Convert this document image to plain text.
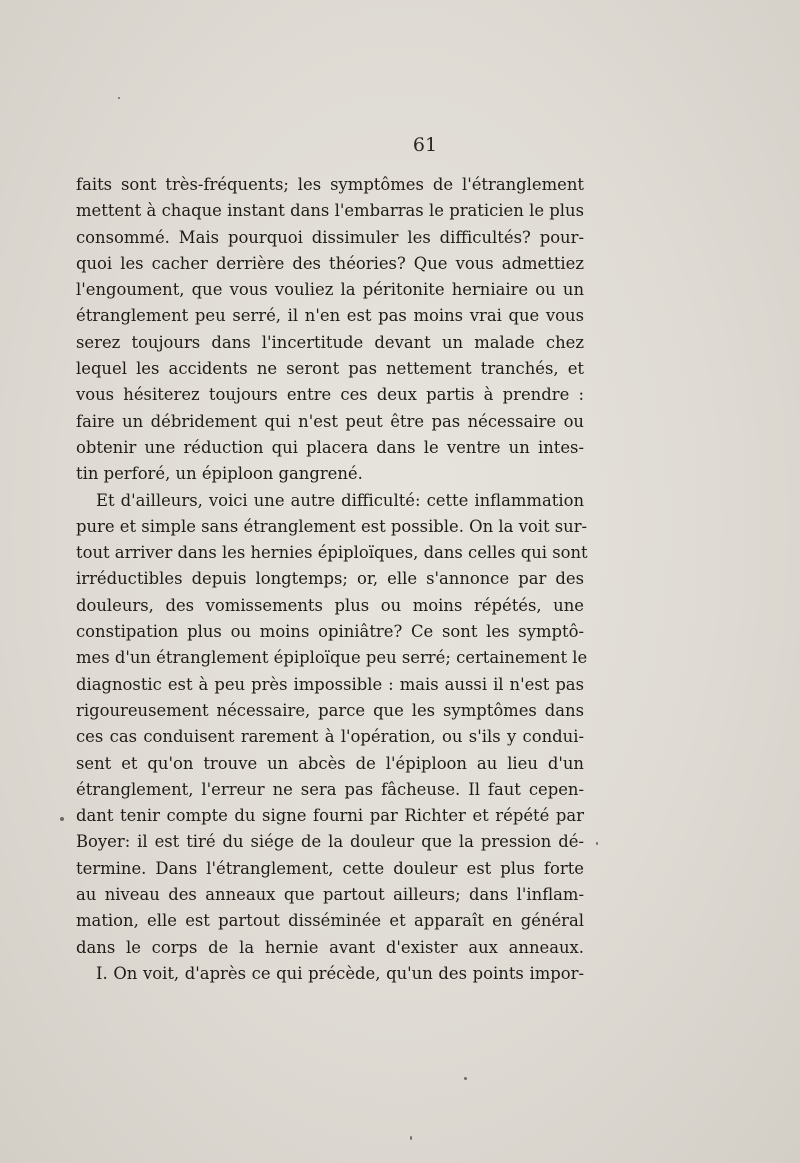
61
faits sont très-fréquents; les symptômes de l'étranglement
mettent à chaque instant dans l'embarras le praticien le plus
consommé. Mais pourquoi dissimuler les difficultés? pour-
quoi les cacher derrière des théories? Que vous admettiez
l'engoument, que vous vouliez la péritonite herniaire ou un
étranglement peu serré, il n'en est pas moins vrai que vous
serez toujours dans l'incertitude devant un malade chez
lequel les accidents ne seront pas nettement tranchés, et
vous hésiterez toujours entre ces deux partis à prendre :
faire un débridement qui n'est peut être pas nécessaire ou
obtenir une réduction qui placera dans le ventre un intes-
tin perforé, un épiploon gangrené.
Et d'ailleurs, voici une autre difficulté: cette inflammation
pure et simple sans étranglement est possible. On la voit sur-
tout arriver dans les hernies épiploïques, dans celles qui sont
irréductibles depuis longtemps; or, elle s'annonce par des
douleurs, des vomissements plus ou moins répétés, une
constipation plus ou moins opiniâtre? Ce sont les symptô-
mes d'un étranglement épiploïque peu serré; certainement le
diagnostic est à peu près impossible : mais aussi il n'est pas
rigoureusement nécessaire, parce que les symptômes dans
ces cas conduisent rarement à l'opération, ou s'ils y condui-
sent et qu'on trouve un abcès de l'épiploon au lieu d'un
étranglement, l'erreur ne sera pas fâcheuse. Il faut cepen-
dant tenir compte du signe fourni par Richter et répété par
Boyer: il est tiré du siége de la douleur que la pression dé-
termine. Dans l'étranglement, cette douleur est plus forte
au niveau des anneaux que partout ailleurs; dans l'inflam-
mation, elle est partout disséminée et apparaît en général
dans le corps de la hernie avant d'exister aux anneaux.
I. On voit, d'après ce qui précède, qu'un des points impor-
